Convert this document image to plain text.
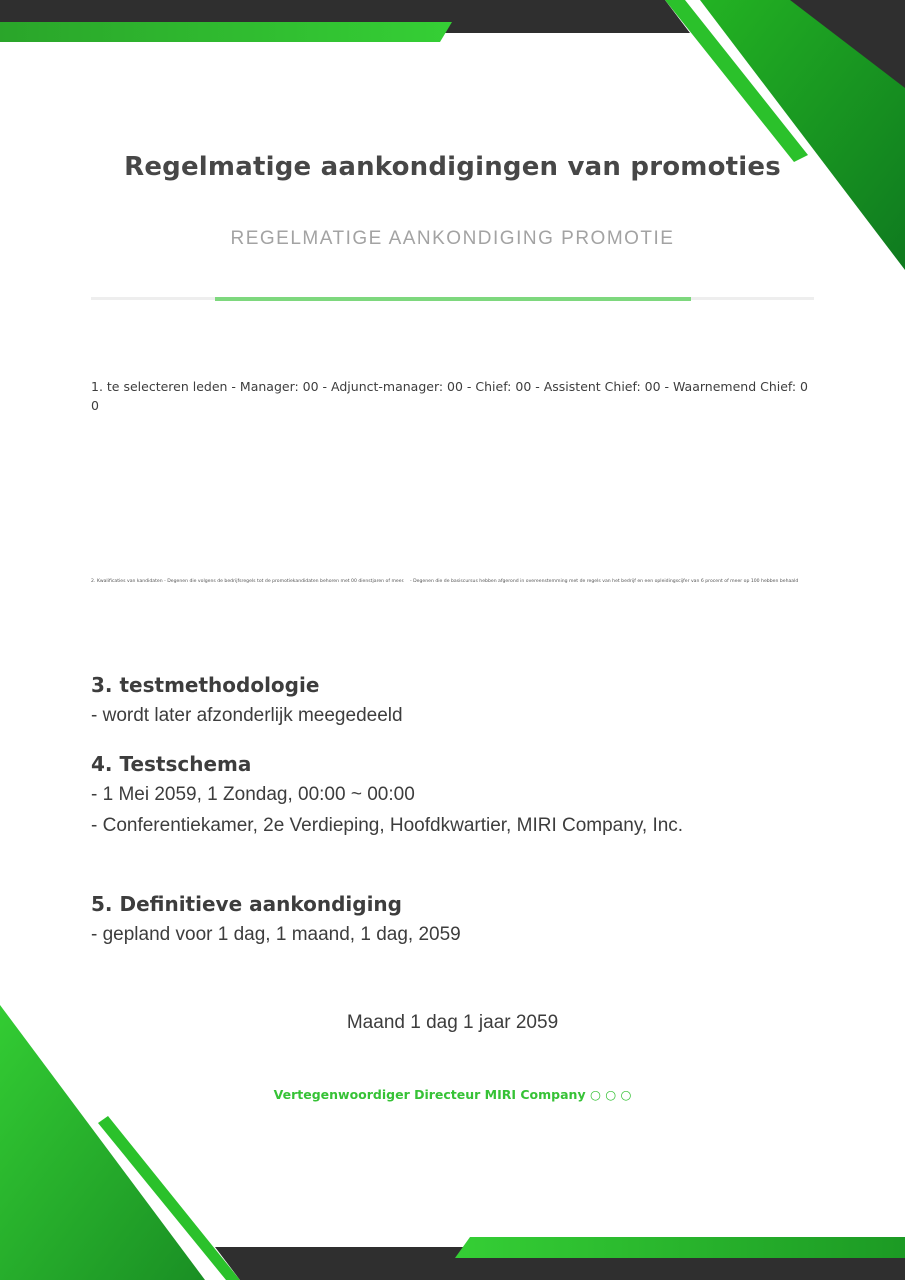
Regelmatige aankondigingen van promoties
REGELMATIGE AANKONDIGING PROMOTIE
1. te selecteren leden - Manager: 00 - Adjunct-manager: 00 - Chief: 00 - Assistent Chief: 00 - Waarnemend Chief: 00
2. Kwalificaties van kandidaten - Degenen die volgens de bedrijfsregels tot de promotiekandidaten behoren met 00 dienstjaren of meer. - Degenen die de basiscursus hebben afgerond in overeenstemming met de regels van het bedrijf en een opleidingscijfer van 6 procent of meer op 100 hebben behaald
3. testmethodologie
- wordt later afzonderlijk meegedeeld
4. Testschema
- 1 Mei 2059, 1 Zondag, 00:00 ~ 00:00
- Conferentiekamer, 2e Verdieping, Hoofdkwartier, MIRI Company, Inc.
5. Definitieve aankondiging
- gepland voor 1 dag, 1 maand, 1 dag, 2059
Maand 1 dag 1 jaar 2059
Vertegenwoordiger Directeur MIRI Company ○ ○ ○
